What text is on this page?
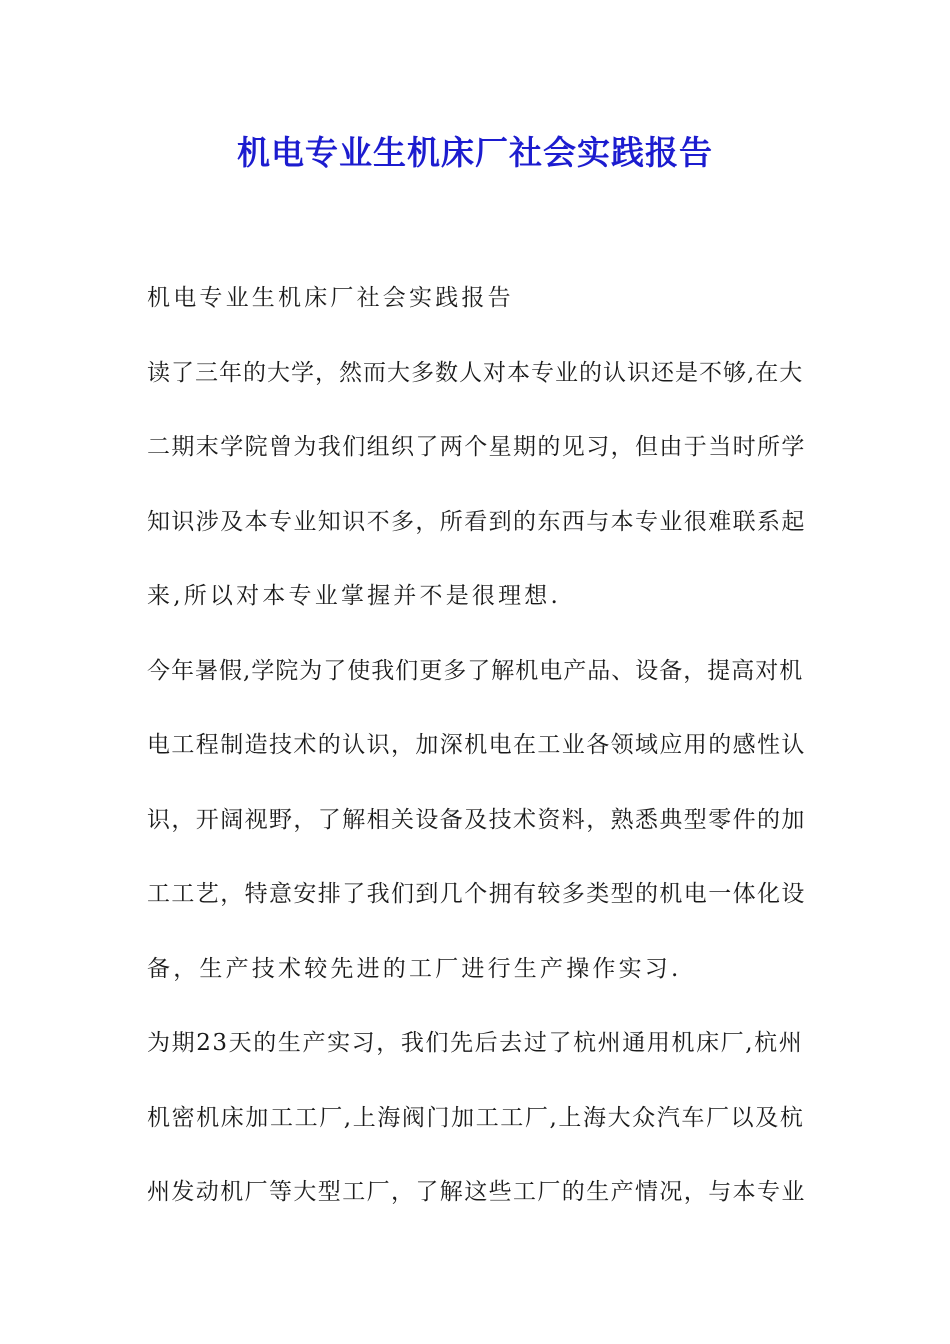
机电专业生机床厂社会实践报告

机电专业生机床厂社会实践报告

读了三年的大学，然而大多数人对本专业的认识还是不够,在大
二期末学院曾为我们组织了两个星期的见习，但由于当时所学
知识涉及本专业知识不多，所看到的东西与本专业很难联系起
来,所以对本专业掌握并不是很理想.

今年暑假,学院为了使我们更多了解机电产品、设备，提高对机
电工程制造技术的认识，加深机电在工业各领域应用的感性认
识，开阔视野，了解相关设备及技术资料，熟悉典型零件的加
工工艺，特意安排了我们到几个拥有较多类型的机电一体化设
备，生产技术较先进的工厂进行生产操作实习.

为期23天的生产实习，我们先后去过了杭州通用机床厂,杭州
机密机床加工工厂,上海阀门加工工厂,上海大众汽车厂以及杭
州发动机厂等大型工厂，了解这些工厂的生产情况，与本专业
